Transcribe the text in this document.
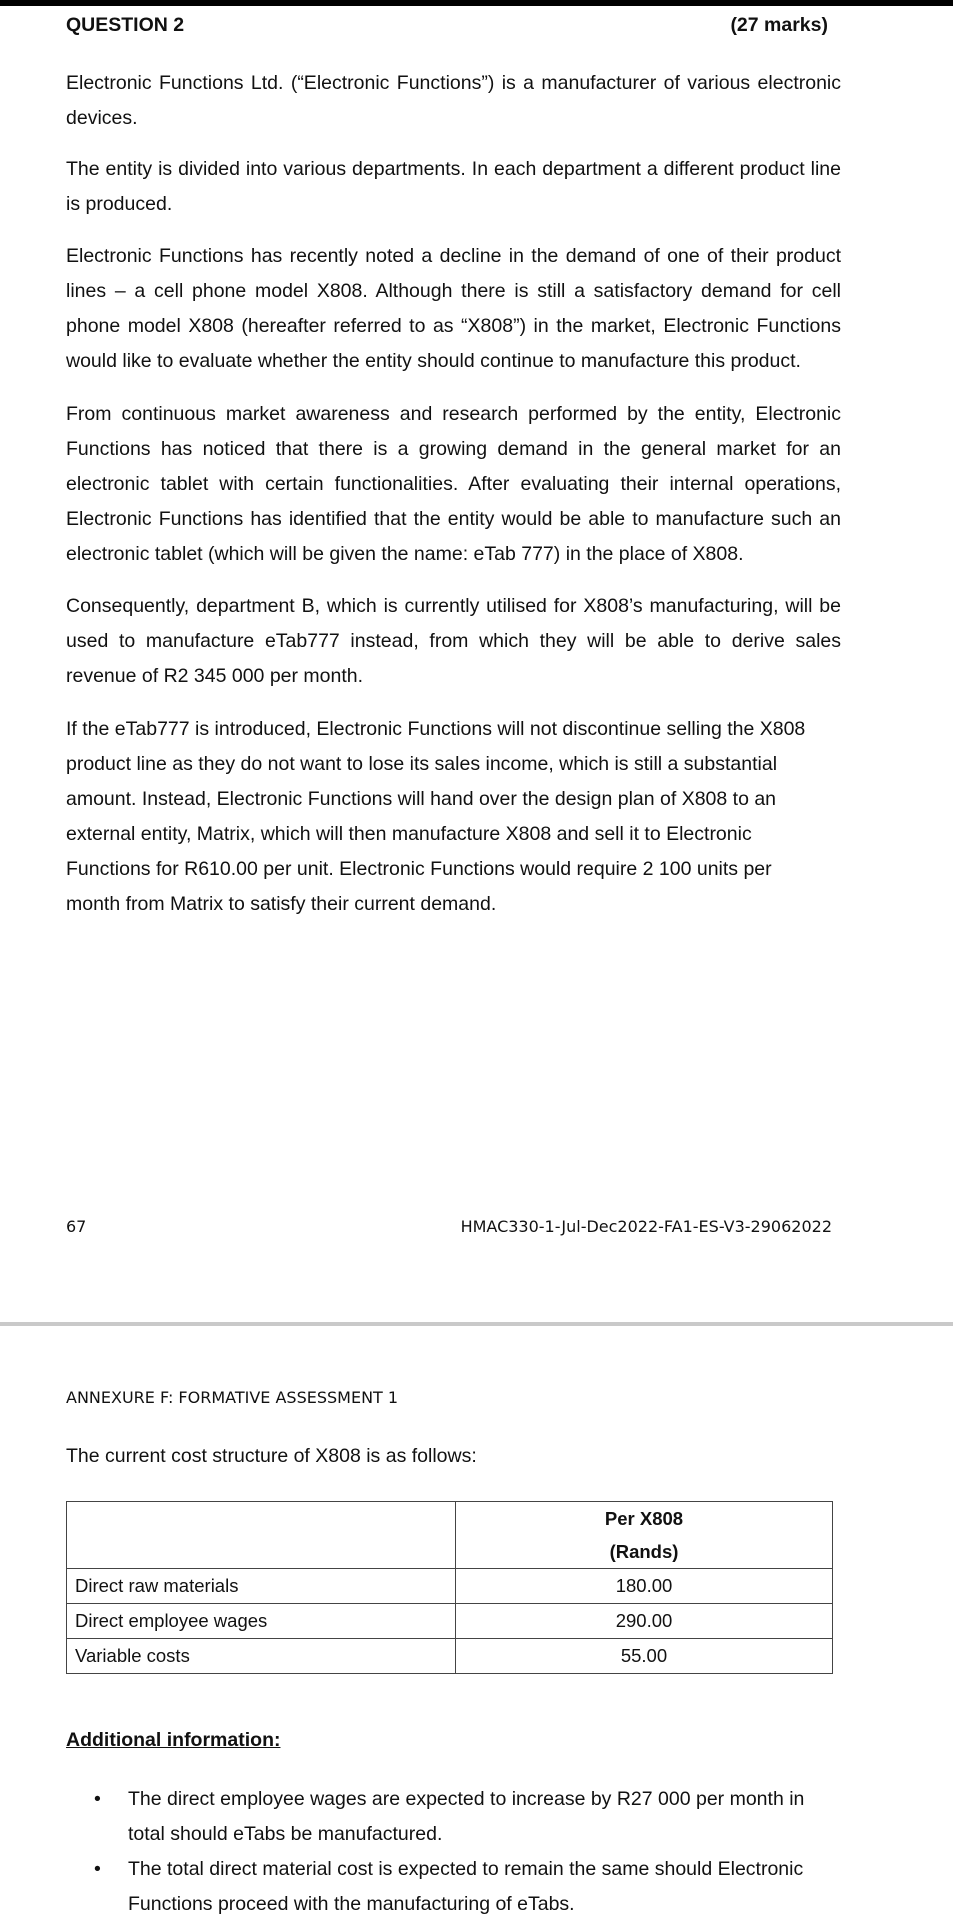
QUESTION 2	(27 marks)

Electronic Functions Ltd. (“Electronic Functions”) is a manufacturer of various electronic devices.

The entity is divided into various departments. In each department a different product line is produced.

Electronic Functions has recently noted a decline in the demand of one of their product lines – a cell phone model X808. Although there is still a satisfactory demand for cell phone model X808 (hereafter referred to as “X808”) in the market, Electronic Functions would like to evaluate whether the entity should continue to manufacture this product.

From continuous market awareness and research performed by the entity, Electronic Functions has noticed that there is a growing demand in the general market for an electronic tablet with certain functionalities. After evaluating their internal operations, Electronic Functions has identified that the entity would be able to manufacture such an electronic tablet (which will be given the name: eTab 777) in the place of X808.

Consequently, department B, which is currently utilised for X808’s manufacturing, will be used to manufacture eTab777 instead, from which they will be able to derive sales revenue of R2 345 000 per month.

If the eTab777 is introduced, Electronic Functions will not discontinue selling the X808 product line as they do not want to lose its sales income, which is still a substantial amount. Instead, Electronic Functions will hand over the design plan of X808 to an external entity, Matrix, which will then manufacture X808 and sell it to Electronic Functions for R610.00 per unit. Electronic Functions would require 2 100 units per month from Matrix to satisfy their current demand.

67	HMAC330-1-Jul-Dec2022-FA1-ES-V3-29062022
ANNEXURE F: FORMATIVE ASSESSMENT 1
The current cost structure of X808 is as follows:
	Per X808
	(Rands)
Direct raw materials	180.00
Direct employee wages	290.00
Variable costs	55.00
Additional information:
• The direct employee wages are expected to increase by R27 000 per month in total should eTabs be manufactured.
• The total direct material cost is expected to remain the same should Electronic Functions proceed with the manufacturing of eTabs.
